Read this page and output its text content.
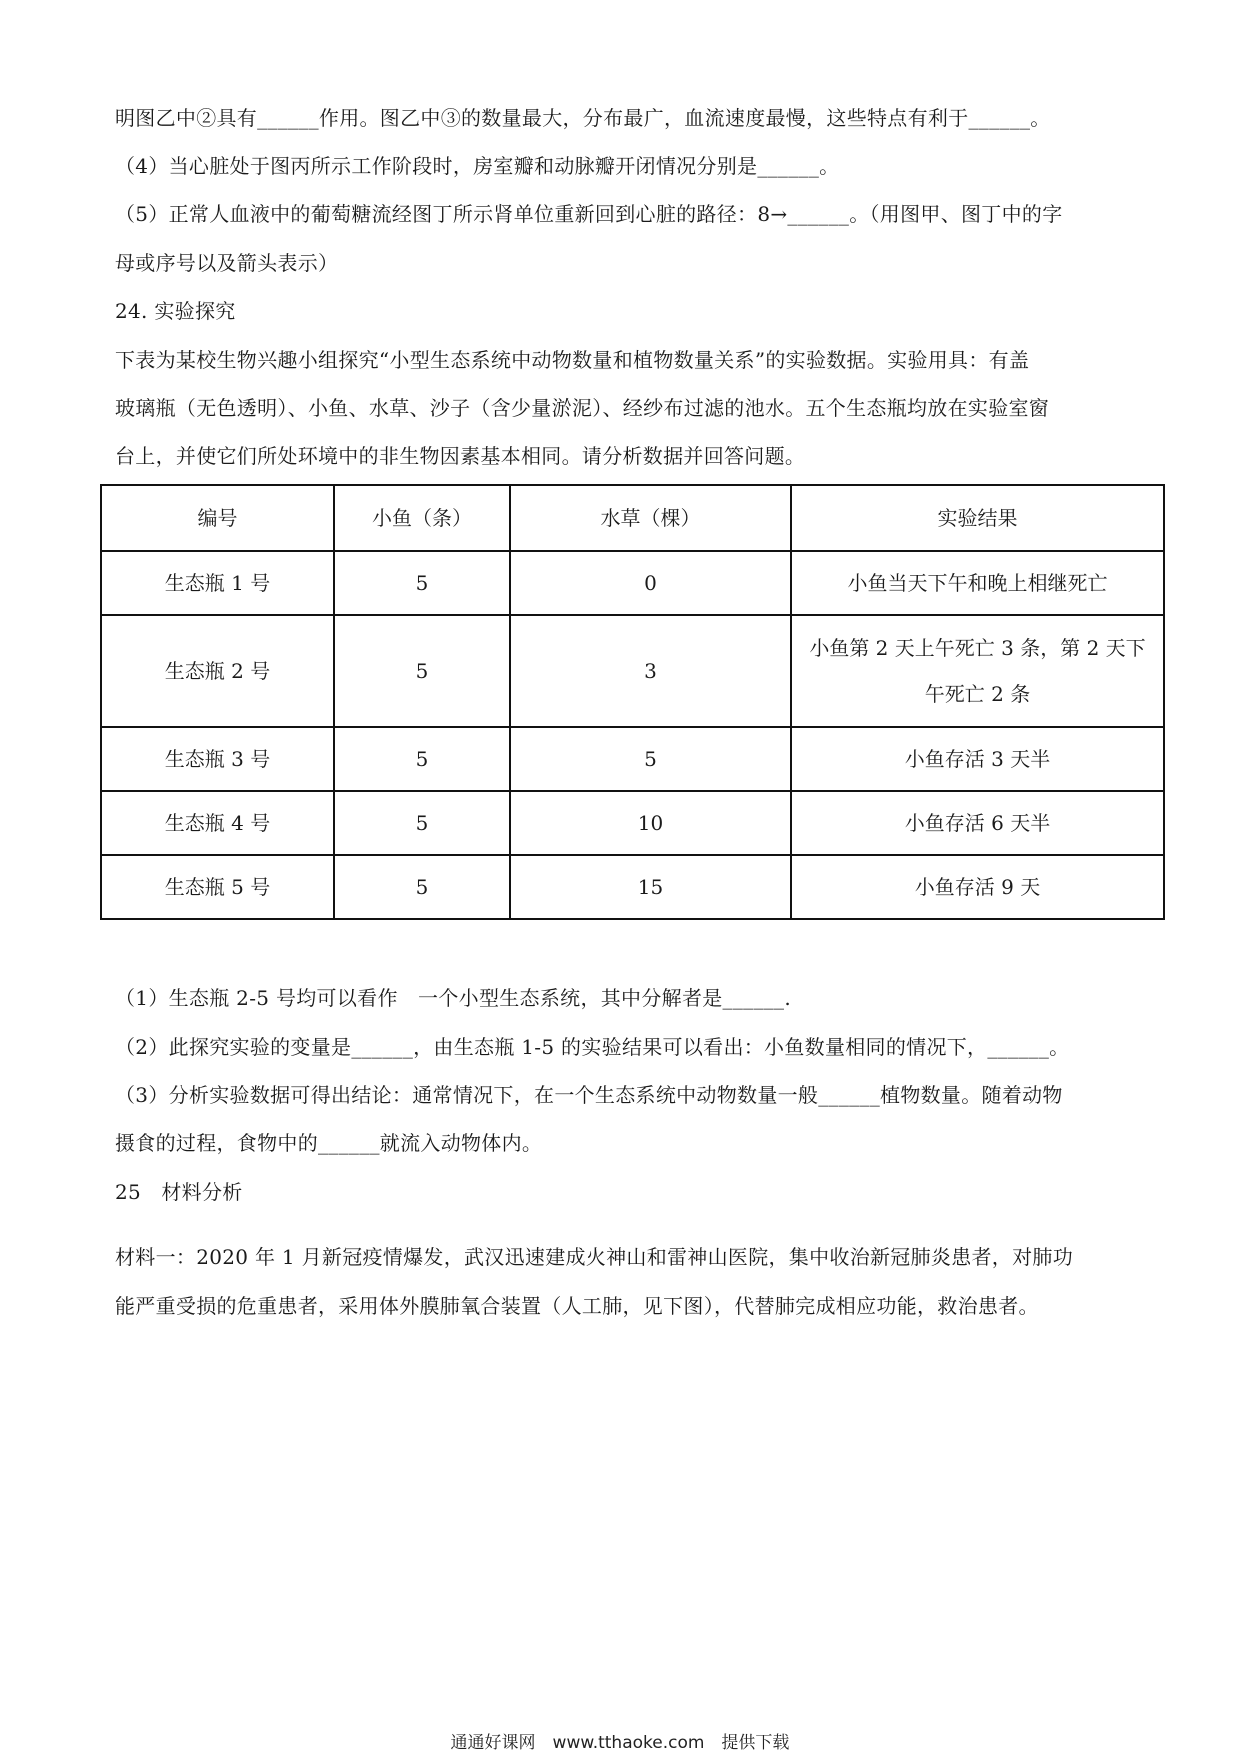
明图乙中②具有______作用。图乙中③的数量最大，分布最广，血流速度最慢，这些特点有利于______。
（4）当心脏处于图丙所示工作阶段时，房室瓣和动脉瓣开闭情况分别是______。
（5）正常人血液中的葡萄糖流经图丁所示肾单位重新回到心脏的路径：8→______。（用图甲、图丁中的字
母或序号以及箭头表示）
24. 实验探究
下表为某校生物兴趣小组探究“小型生态系统中动物数量和植物数量关系”的实验数据。实验用具：有盖
玻璃瓶（无色透明）、小鱼、水草、沙子（含少量淤泥）、经纱布过滤的池水。五个生态瓶均放在实验室窗
台上，并使它们所处环境中的非生物因素基本相同。请分析数据并回答问题。
编号	小鱼（条）	水草（棵）	实验结果
生态瓶 1 号	5	0	小鱼当天下午和晚上相继死亡
生态瓶 2 号	5	3	小鱼第 2 天上午死亡 3 条，第 2 天下
午死亡 2 条

生态瓶 3 号	5	5	小鱼存活 3 天半
生态瓶 4 号	5	10	小鱼存活 6 天半
生态瓶 5 号	5	15	小鱼存活 9 天
（1）生态瓶 2-5 号均可以看作　一个小型生态系统，其中分解者是______.
（2）此探究实验的变量是______，由生态瓶 1-5 的实验结果可以看出：小鱼数量相同的情况下，______。
（3）分析实验数据可得出结论：通常情况下，在一个生态系统中动物数量一般______植物数量。随着动物
摄食的过程，食物中的______就流入动物体内。
25　材料分析
材料一：2020 年 1 月新冠疫情爆发，武汉迅速建成火神山和雷神山医院，集中收治新冠肺炎患者，对肺功
能严重受损的危重患者，采用体外膜肺氧合装置（人工肺，见下图），代替肺完成相应功能，救治患者。
通通好课网　www.tthaoke.com　提供下载
